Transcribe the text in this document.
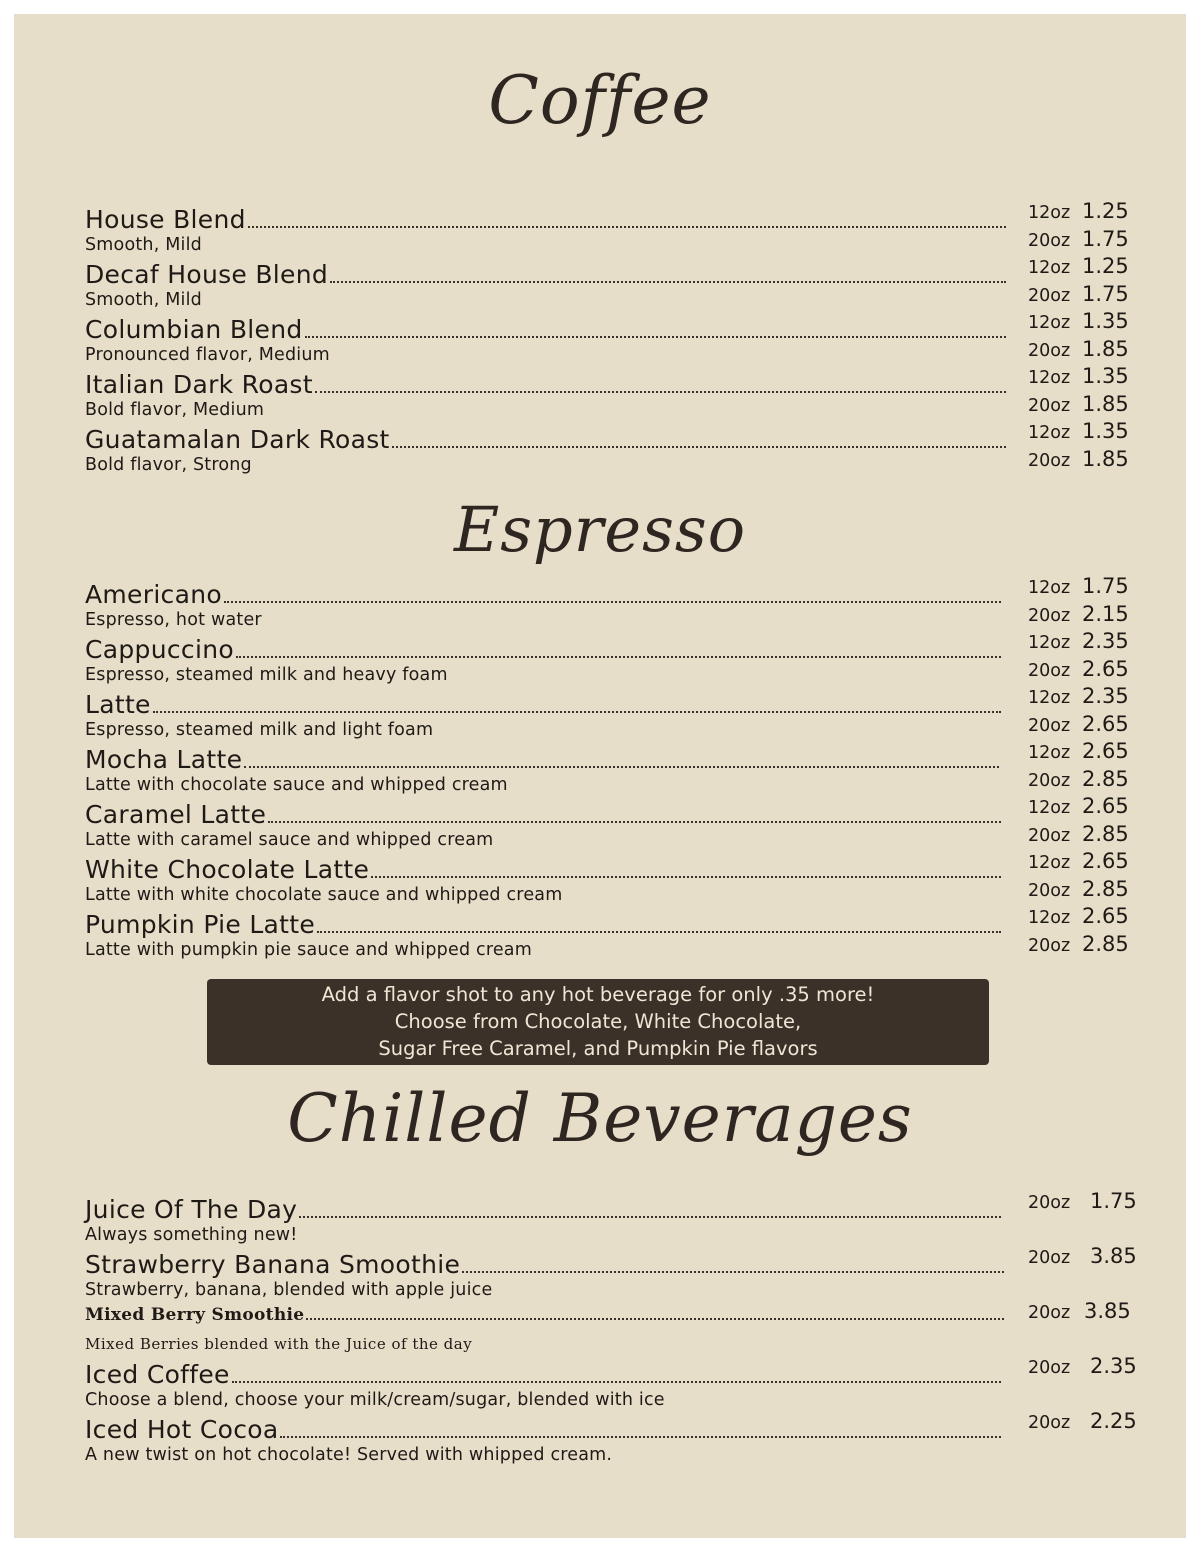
Coffee
House Blend
Smooth, Mild
12oz 1.25
20oz 1.75
Decaf House Blend
Smooth, Mild
12oz 1.25
20oz 1.75
Columbian Blend
Pronounced flavor, Medium
12oz 1.35
20oz 1.85
Italian Dark Roast
Bold flavor, Medium
12oz 1.35
20oz 1.85
Guatamalan Dark Roast
Bold flavor, Strong
12oz 1.35
20oz 1.85
Espresso
Americano
Espresso, hot water
12oz 1.75
20oz 2.15
Cappuccino
Espresso, steamed milk and heavy foam
12oz 2.35
20oz 2.65
Latte
Espresso, steamed milk and light foam
12oz 2.35
20oz 2.65
Mocha Latte
Latte with chocolate sauce and whipped cream
12oz 2.65
20oz 2.85
Caramel Latte
Latte with caramel sauce and whipped cream
12oz 2.65
20oz 2.85
White Chocolate Latte
Latte with white chocolate sauce and whipped cream
12oz 2.65
20oz 2.85
Pumpkin Pie Latte
Latte with pumpkin pie sauce and whipped cream
12oz 2.65
20oz 2.85
Add a flavor shot to any hot beverage for only .35 more!
Choose from Chocolate, White Chocolate,
Sugar Free Caramel, and Pumpkin Pie flavors
Chilled Beverages
Juice Of The Day
Always something new!
20oz 1.75
Strawberry Banana Smoothie
Strawberry, banana, blended with apple juice
20oz 3.85
Mixed Berry Smoothie
Mixed Berries blended with the Juice of the day
20oz 3.85
Iced Coffee
Choose a blend, choose your milk/cream/sugar, blended with ice
20oz 2.35
Iced Hot Cocoa
A new twist on hot chocolate! Served with whipped cream.
20oz 2.25
